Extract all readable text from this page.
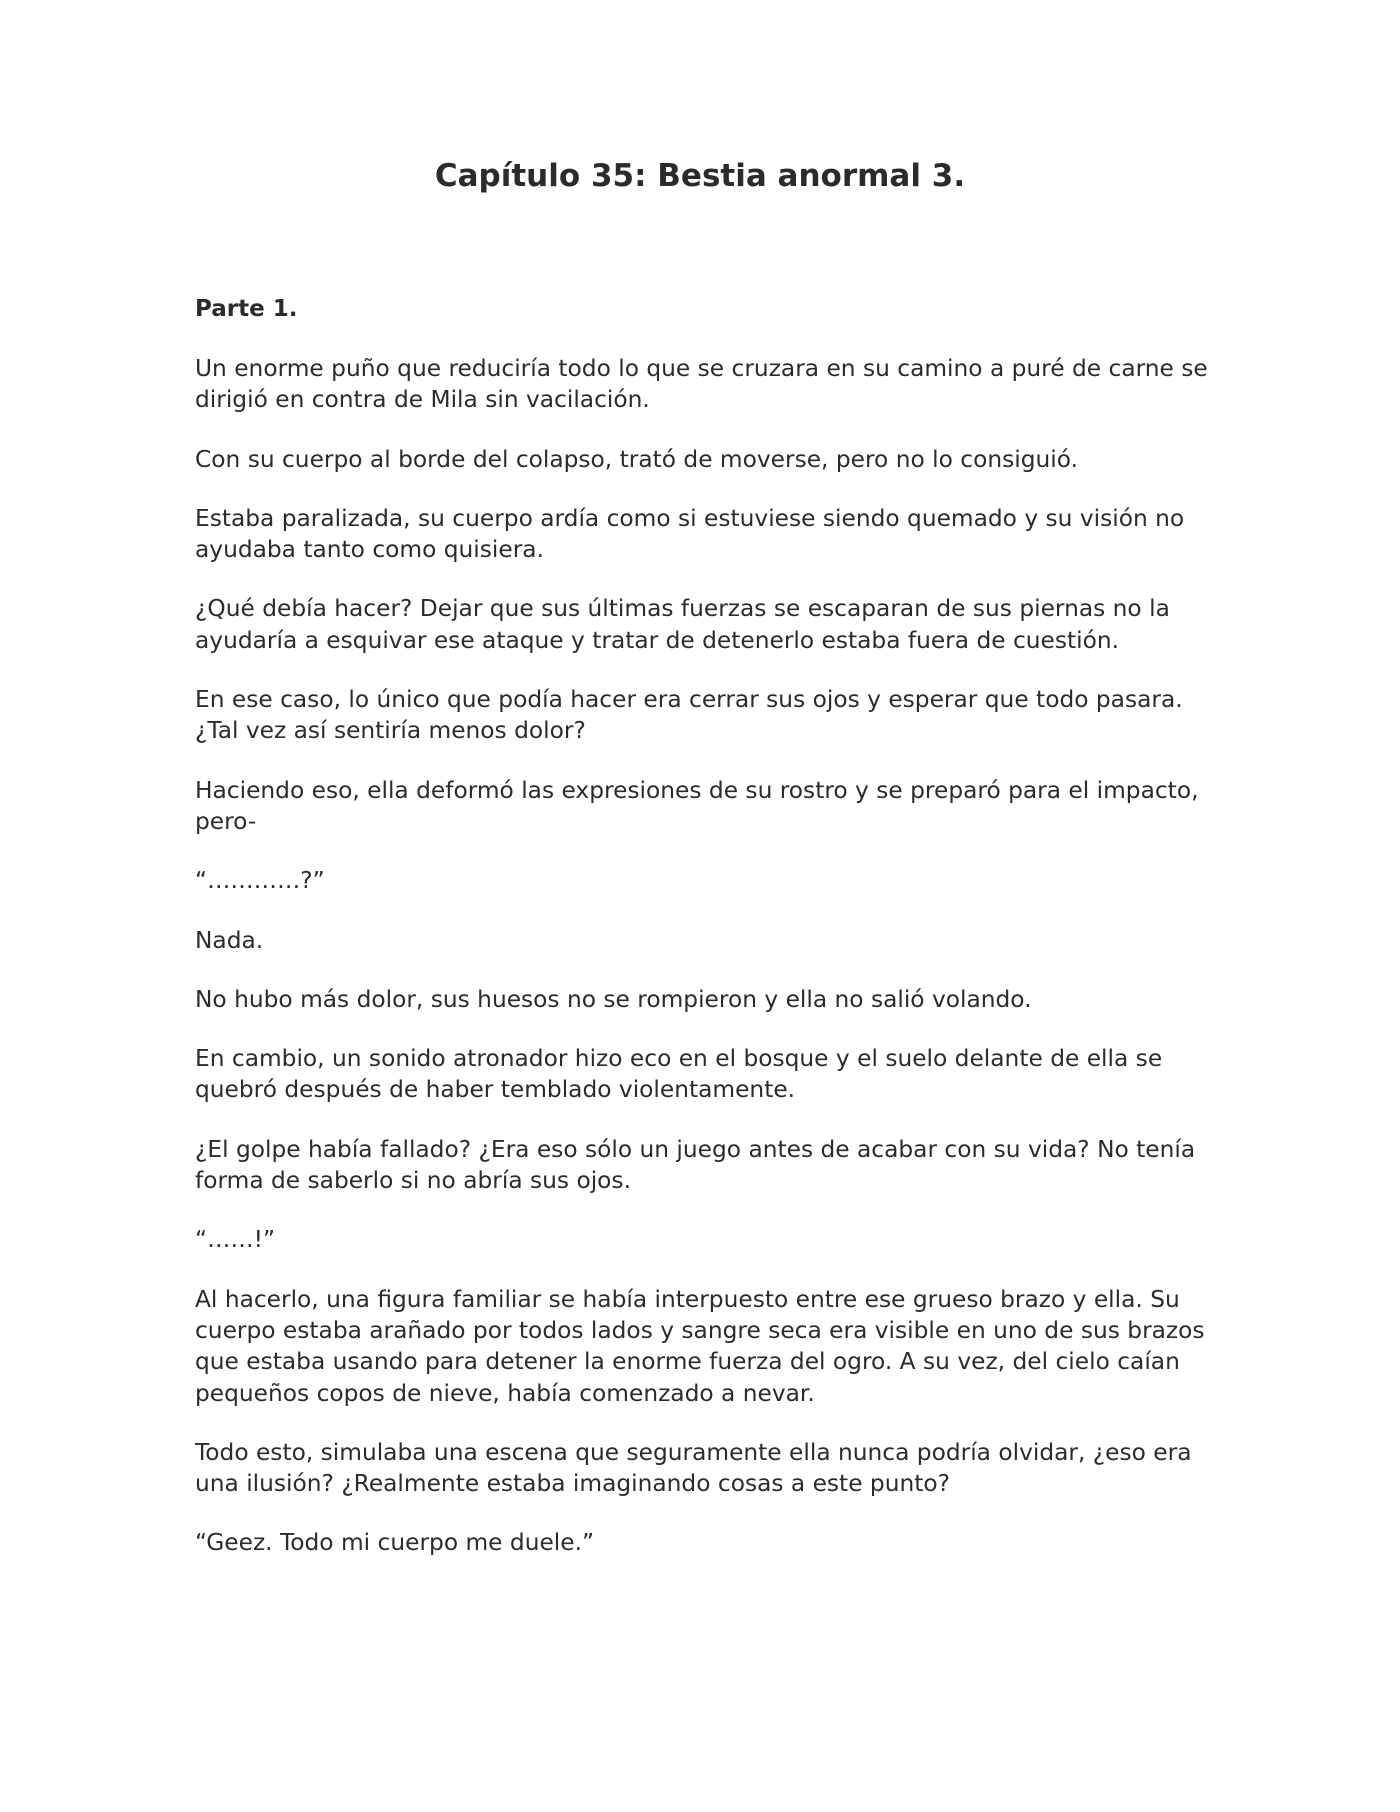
Capítulo 35: Bestia anormal 3.
Parte 1.

Un enorme puño que reduciría todo lo que se cruzara en su camino a puré de carne se dirigió en contra de Mila sin vacilación.

Con su cuerpo al borde del colapso, trató de moverse, pero no lo consiguió.

Estaba paralizada, su cuerpo ardía como si estuviese siendo quemado y su visión no ayudaba tanto como quisiera.

¿Qué debía hacer? Dejar que sus últimas fuerzas se escaparan de sus piernas no la ayudaría a esquivar ese ataque y tratar de detenerlo estaba fuera de cuestión.

En ese caso, lo único que podía hacer era cerrar sus ojos y esperar que todo pasara. ¿Tal vez así sentiría menos dolor?

Haciendo eso, ella deformó las expresiones de su rostro y se preparó para el impacto, pero-

“…………?”

Nada.

No hubo más dolor, sus huesos no se rompieron y ella no salió volando.

En cambio, un sonido atronador hizo eco en el bosque y el suelo delante de ella se quebró después de haber temblado violentamente.

¿El golpe había fallado? ¿Era eso sólo un juego antes de acabar con su vida? No tenía forma de saberlo si no abría sus ojos.

“……!”

Al hacerlo, una figura familiar se había interpuesto entre ese grueso brazo y ella. Su cuerpo estaba arañado por todos lados y sangre seca era visible en uno de sus brazos que estaba usando para detener la enorme fuerza del ogro. A su vez, del cielo caían pequeños copos de nieve, había comenzado a nevar.

Todo esto, simulaba una escena que seguramente ella nunca podría olvidar, ¿eso era una ilusión? ¿Realmente estaba imaginando cosas a este punto?

“Geez. Todo mi cuerpo me duele.”
